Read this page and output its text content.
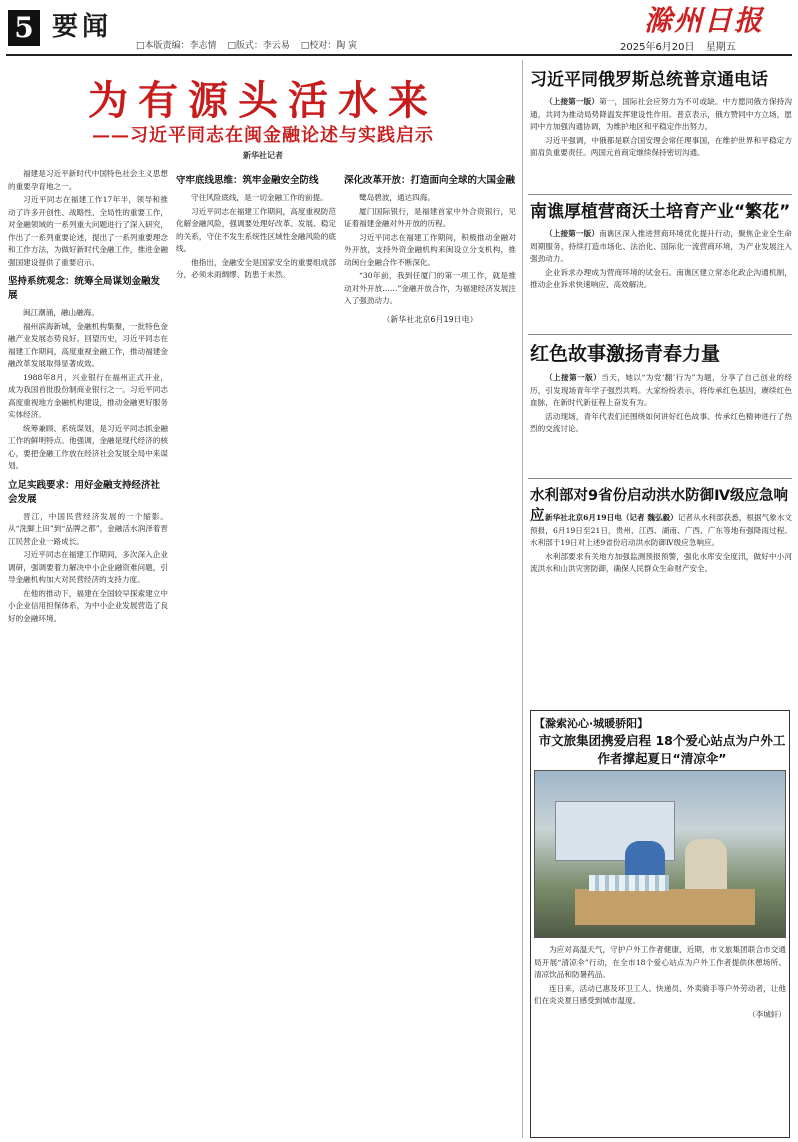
5 要闻
□本版责编：李志情 □版式：李云易 □校对：陶 寅
滁州日报
2025年6月20日 星期五
为有源头活水来
——习近平同志在闽金融论述与实践启示
新华社记者

福建是习近平新时代中国特色社会主义思想的重要孕育地之一。

习近平同志在福建工作17年半，领导和推动了许多开创性、战略性、全局性的重要工作，对金融领域的一系列重大问题进行了深入研究，作出了一系列重要论述，提出了一系列重要理念和工作方法，为做好新时代金融工作，推进金融强国建设提供了重要启示。

坚持系统观念：统筹全局谋划金融发展

闽江潮涌，融山融海。

福州滨海新城，金融机构集聚，一批特色金融产业发展态势良好。回望历史，习近平同志在福建工作期间，高度重视金融工作，推动福建金融改革发展取得显著成效。

1988年8月，兴业银行在福州正式开业，成为我国首批股份制商业银行之一。习近平同志高度重视地方金融机构建设，推动金融更好服务实体经济。

统筹兼顾、系统谋划，是习近平同志抓金融工作的鲜明特点。他强调，金融是现代经济的核心，要把金融工作放在经济社会发展全局中来谋划。

立足实践要求：用好金融支持经济社会发展

晋江，中国民营经济发展的一个缩影。从“洗脚上田”到“品牌之都”，金融活水润泽着晋江民营企业一路成长。

习近平同志在福建工作期间，多次深入企业调研，强调要着力解决中小企业融资难问题，引导金融机构加大对民营经济的支持力度。

在他的推动下，福建在全国较早探索建立中小企业信用担保体系，为中小企业发展营造了良好的金融环境。

守牢底线思维：筑牢金融安全防线

守住风险底线，是一切金融工作的前提。

习近平同志在福建工作期间，高度重视防范化解金融风险，强调要处理好改革、发展、稳定的关系，守住不发生系统性区域性金融风险的底线。

他指出，金融安全是国家安全的重要组成部分，必须未雨绸缪、防患于未然。

深化改革开放：打造面向全球的大国金融

鹭岛碧波，通达四海。

厦门国际银行，是福建首家中外合资银行，见证着福建金融对外开放的历程。

习近平同志在福建工作期间，积极推动金融对外开放，支持外资金融机构来闽设立分支机构，推动闽台金融合作不断深化。

“30年前，我到任厦门的第一项工作，就是推动对外开放……”金融开放合作，为福建经济发展注入了强劲动力。

（新华社北京6月19日电）
习近平同俄罗斯总统普京通电话

（上接第一版）第一，国际社会应努力为不可或缺。中方愿同俄方保持沟通，共同为推动局势降温发挥建设性作用。普京表示，俄方赞同中方立场，愿同中方加强沟通协调，为维护地区和平稳定作出努力。

习近平强调，中俄都是联合国安理会常任理事国，在维护世界和平稳定方面肩负重要责任。两国元首商定继续保持密切沟通。

南谯厚植营商沃土培育产业“繁花”

（上接第一版）南谯区深入推进营商环境优化提升行动，聚焦企业全生命周期服务，持续打造市场化、法治化、国际化一流营商环境，为产业发展注入强劲动力。

企业诉求办理成为营商环境的试金石。南谯区建立常态化政企沟通机制，推动企业诉求快速响应、高效解决。

红色故事激扬青春力量

（上接第一版）当天，她以“为党‘翻’行为”为题，分享了自己创业的经历，引发现场青年学子强烈共鸣。大家纷纷表示，将传承红色基因，赓续红色血脉，在新时代新征程上奋发有为。

活动现场，青年代表们还围绕如何讲好红色故事、传承红色精神进行了热烈的交流讨论。

水利部对9省份启动洪水防御Ⅳ级应急响应 新华社北京6月19日电（记者 魏弘毅）记者从水利部获悉，根据气象水文预报，6月19日至21日，贵州、江西、湖南、广西、广东等地有强降雨过程。水利部于19日对上述9省份启动洪水防御Ⅳ级应急响应。

水利部要求有关地方加强监测预报预警，强化水库安全度汛，做好中小河流洪水和山洪灾害防御，确保人民群众生命财产安全。

【滁索沁心·城暖骄阳】
市文旅集团携爱启程 18个爱心站点为户外工作者撑起夏日“清凉伞”

为应对高温天气，守护户外工作者健康，近期，市文旅集团联合市交通局开展“清凉伞”行动，在全市18个爱心站点为户外工作者提供休憩场所、清凉饮品和防暑药品。

连日来，活动已惠及环卫工人、快递员、外卖骑手等户外劳动者，让他们在炎炎夏日感受到城市温度。

（李城轩）
